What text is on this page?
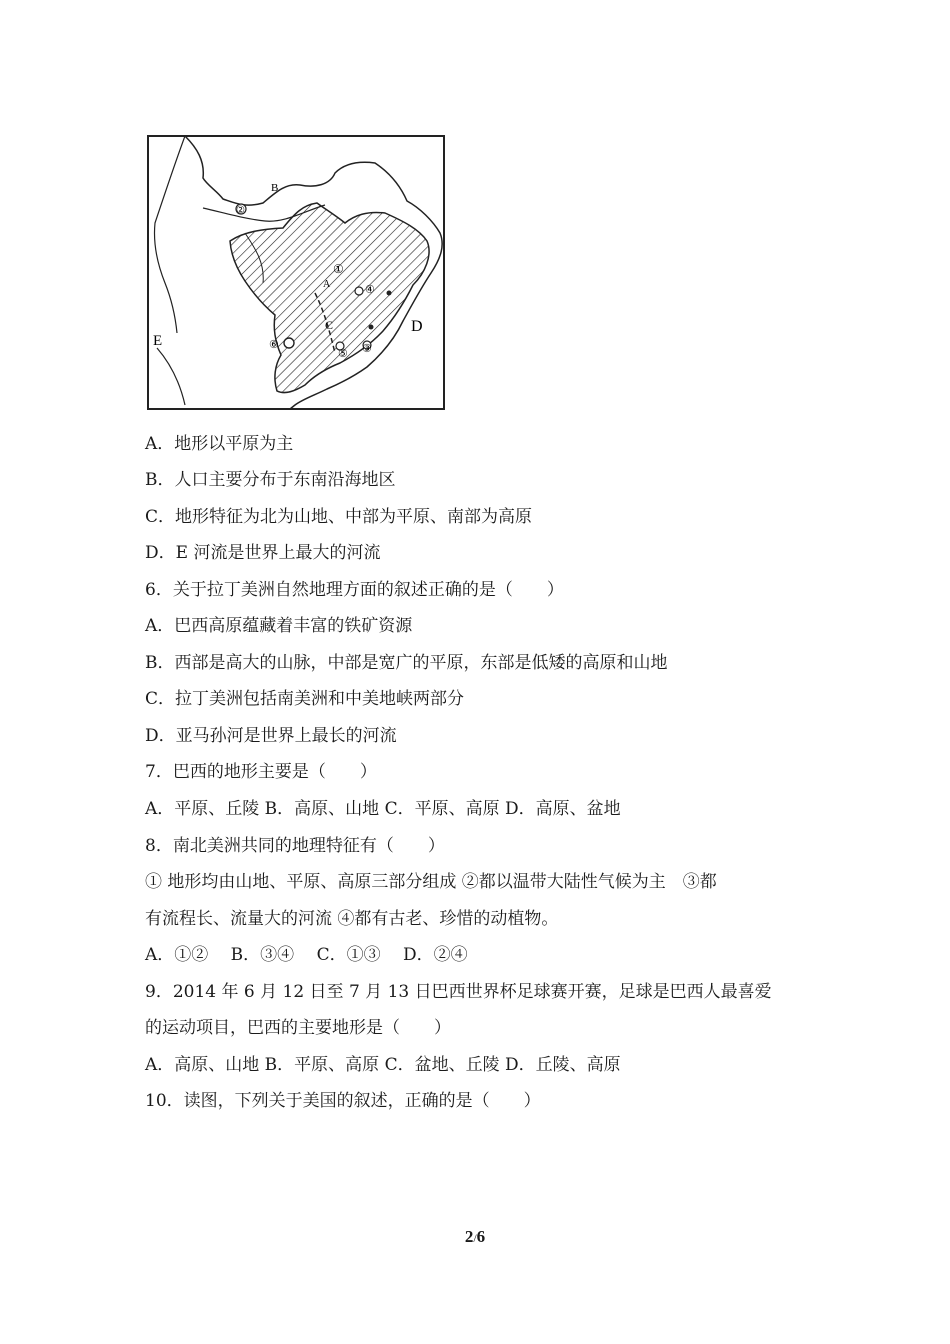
B
D
E
A
C
②
①
④
⑤ ③
⑥
A．地形以平原为主
B．人口主要分布于东南沿海地区
C．地形特征为北为山地、中部为平原、南部为高原
D．E 河流是世界上最大的河流
6．关于拉丁美洲自然地理方面的叙述正确的是（　　）
A．巴西高原蕴藏着丰富的铁矿资源
B．西部是高大的山脉，中部是宽广的平原，东部是低矮的高原和山地
C．拉丁美洲包括南美洲和中美地峡两部分
D．亚马孙河是世界上最长的河流
7．巴西的地形主要是（　　）
A．平原、丘陵 B．高原、山地 C．平原、高原 D．高原、盆地
8．南北美洲共同的地理特征有（　　）
① 地形均由山地、平原、高原三部分组成 ②都以温带大陆性气候为主　③都
有流程长、流量大的河流 ④都有古老、珍惜的动植物。
A．①②　 B．③④　 C．①③　 D．②④
9．2014 年 6 月 12 日至 7 月 13 日巴西世界杯足球赛开赛，足球是巴西人最喜爱
的运动项目，巴西的主要地形是（　　）
A．高原、山地 B．平原、高原 C．盆地、丘陵 D．丘陵、高原
10．读图，下列关于美国的叙述，正确的是（　　）
2/6
